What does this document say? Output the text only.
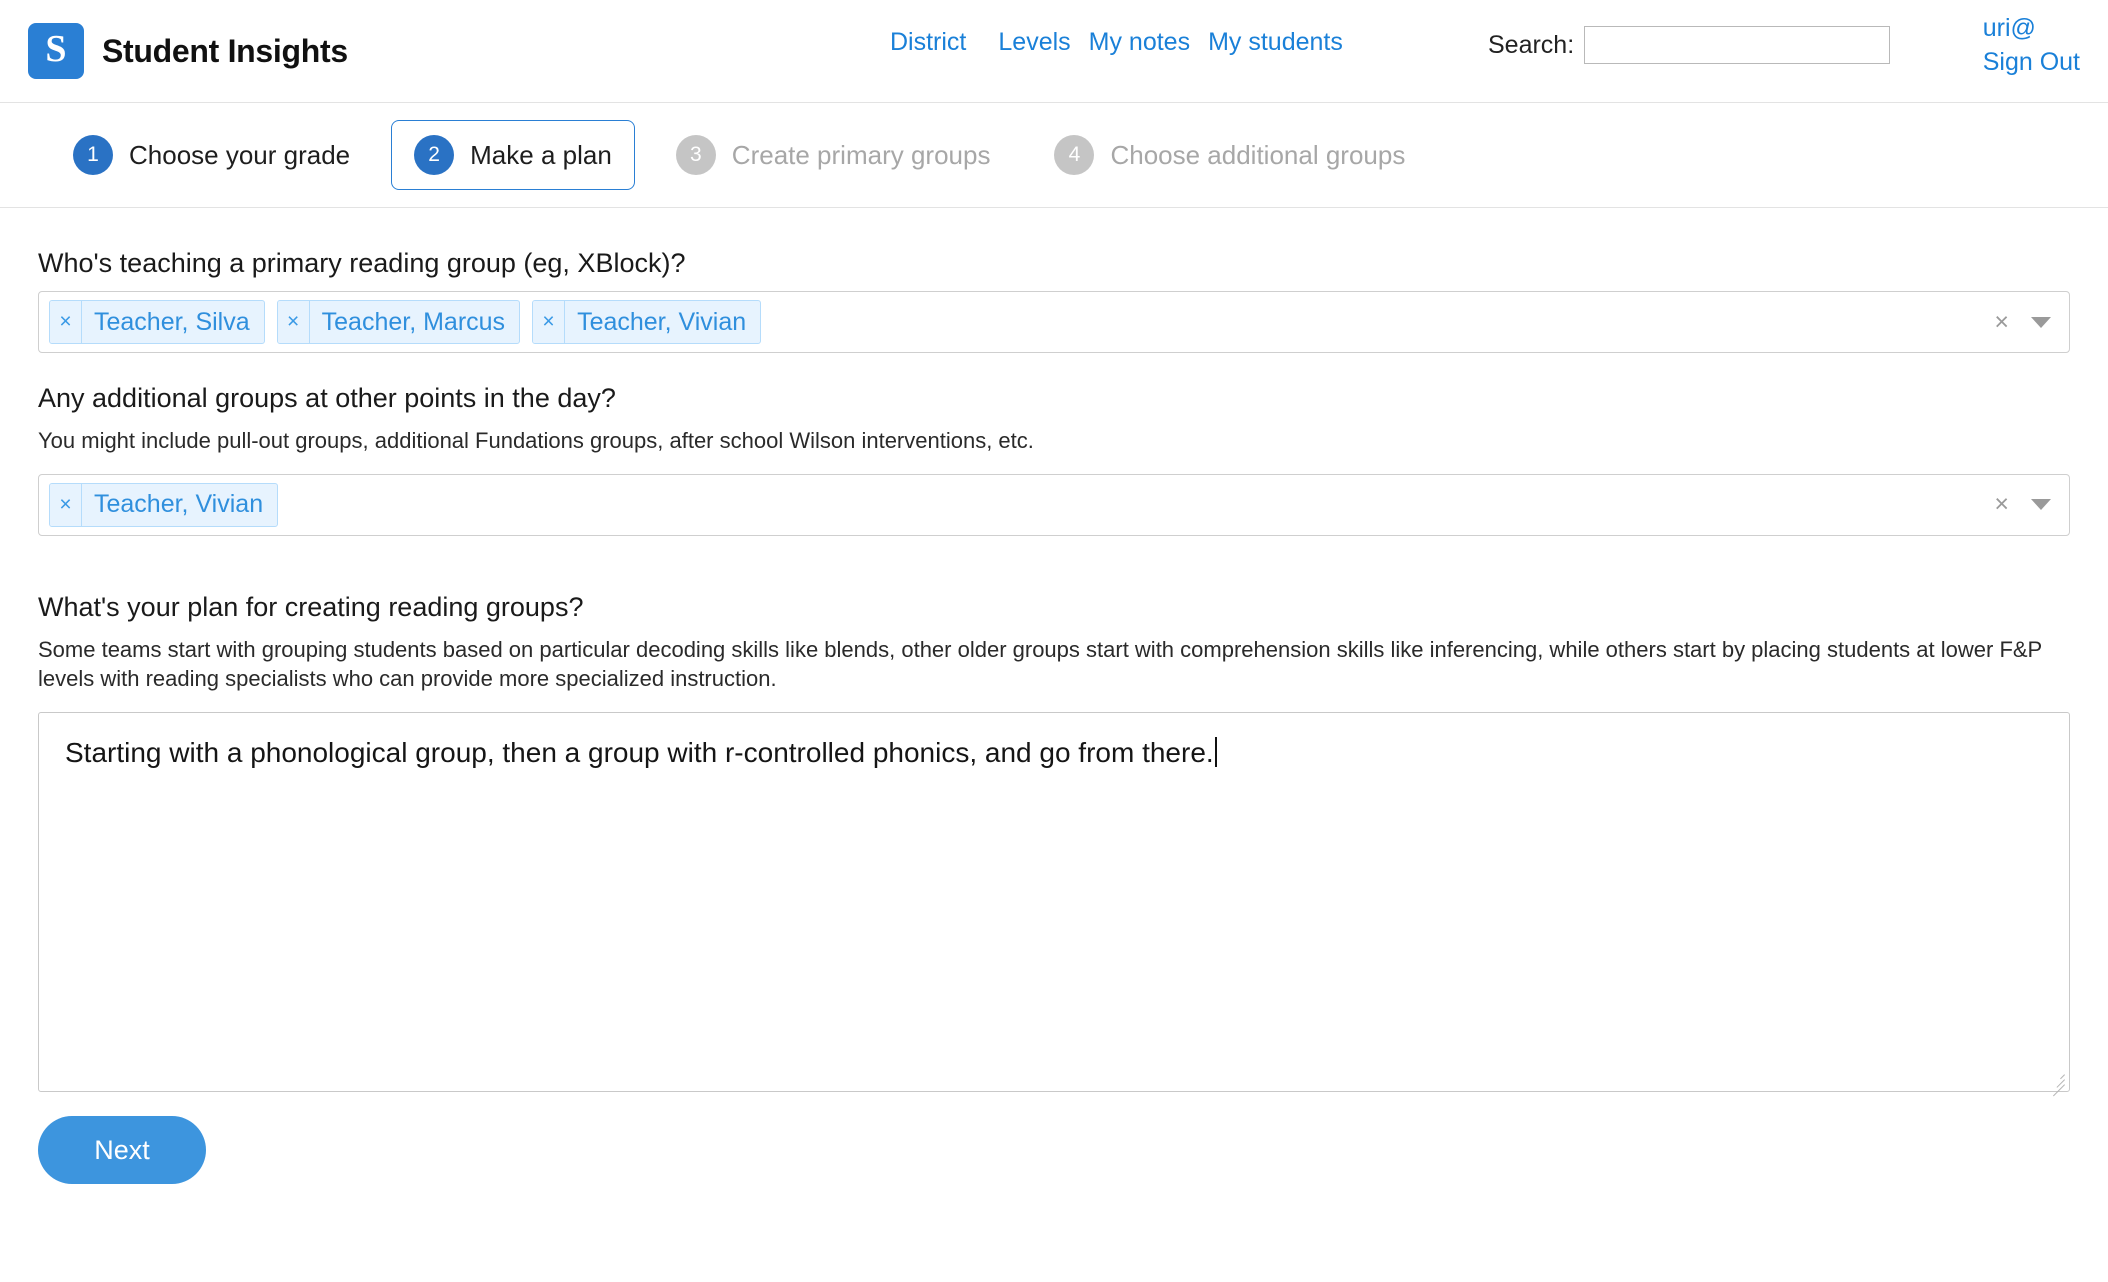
S Student Insights	District Levels My notes My students	Search:
uri@
Sign Out
1	Choose your grade	2	Make a plan	3	Create primary groups	4	Choose additional groups
Who's teaching a primary reading group (eg, XBlock)?
× Teacher, Silva	× Teacher, Marcus	× Teacher, Vivian	×
Any additional groups at other points in the day?
You might include pull-out groups, additional Fundations groups, after school Wilson interventions, etc.
× Teacher, Vivian	×
What's your plan for creating reading groups?
Some teams start with grouping students based on particular decoding skills like blends, other older groups start with comprehension skills like inferencing, while others start by placing students at lower F&P levels with reading specialists who can provide more specialized instruction.
Starting with a phonological group, then a group with r-controlled phonics, and go from there.
Next
